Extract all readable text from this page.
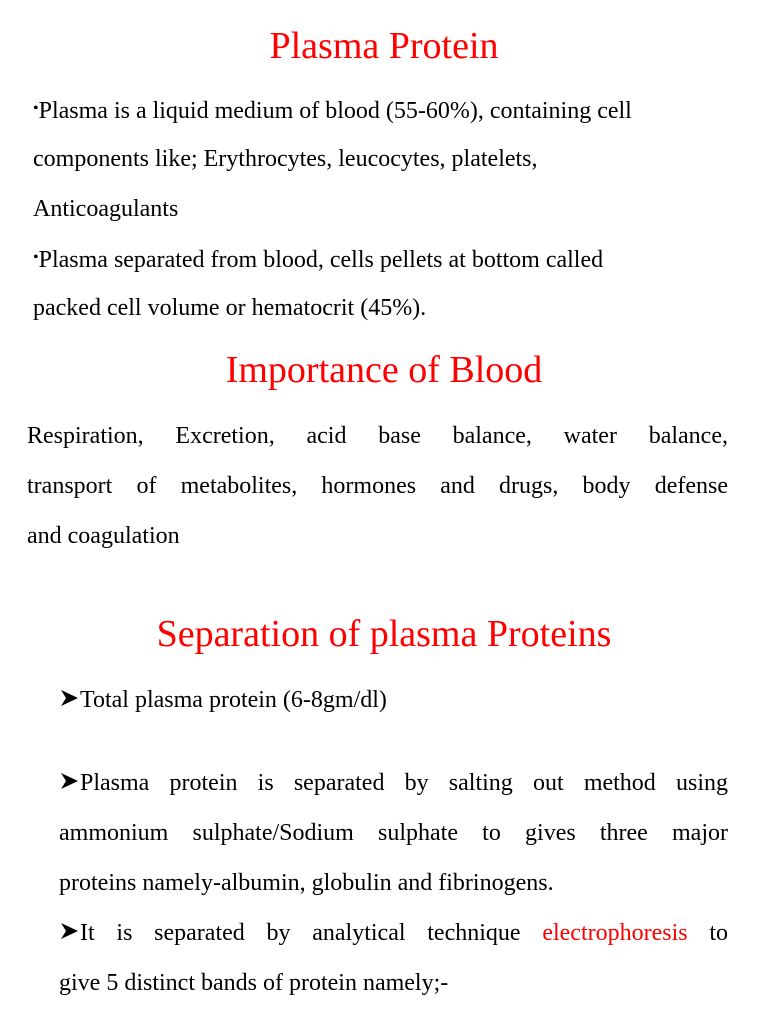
Plasma Protein

•Plasma is a liquid medium of blood (55-60%), containing cell

components like; Erythrocytes, leucocytes, platelets,

Anticoagulants

•Plasma separated from blood, cells pellets at bottom called

packed cell volume or hematocrit (45%).

Importance of Blood

Respiration, Excretion, acid base balance, water balance,

transport of metabolites, hormones and drugs, body defense

and coagulation

Separation of plasma Proteins

Total plasma protein (6-8gm/dl)

Plasma protein is separated by salting out method using

ammonium sulphate/Sodium sulphate to gives three major

proteins namely-albumin, globulin and fibrinogens.

It is separated by analytical technique electrophoresis to

give 5 distinct bands of protein namely;-
